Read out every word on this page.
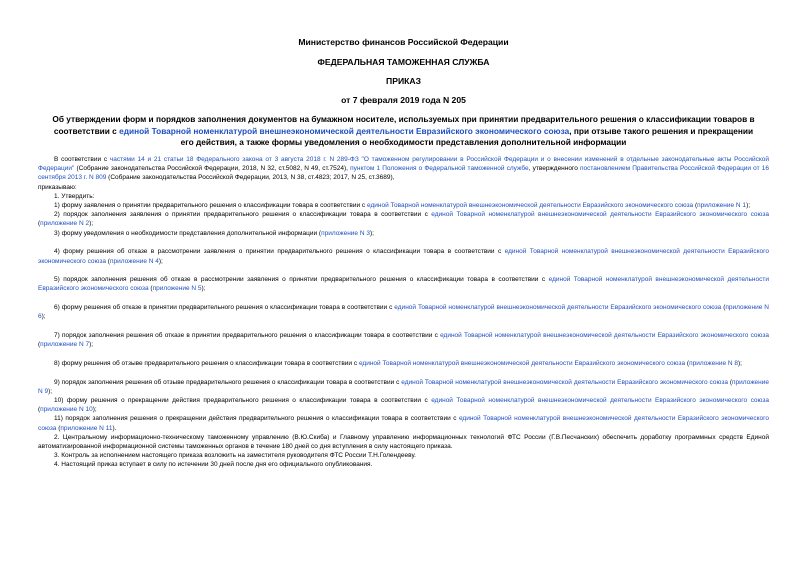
Министерство финансов Российской Федерации
ФЕДЕРАЛЬНАЯ ТАМОЖЕННАЯ СЛУЖБА
ПРИКАЗ
от 7 февраля 2019 года N 205
Об утверждении форм и порядков заполнения документов на бумажном носителе, используемых при принятии предварительного решения о классификации товаров в соответствии с единой Товарной номенклатурой внешнеэкономической деятельности Евразийского экономического союза, при отзыве такого решения и прекращении его действия, а также формы уведомления о необходимости представления дополнительной информации

В соответствии с частями 14 и 21 статьи 18 Федерального закона от 3 августа 2018 г. N 289-ФЗ "О таможенном регулировании в Российской Федерации и о внесении изменений в отдельные законодательные акты Российской Федерации" (Собрание законодательства Российской Федерации, 2018, N 32, ст.5082, N 49, ст.7524), пунктом 1 Положения о Федеральной таможенной службе, утвержденного постановлением Правительства Российской Федерации от 16 сентября 2013 г. N 809 (Собрание законодательства Российской Федерации, 2013, N 38, ст.4823; 2017, N 25, ст.3689),

приказываю:

1. Утвердить:

1) форму заявления о принятии предварительного решения о классификации товара в соответствии с единой Товарной номенклатурой внешнеэкономической деятельности Евразийского экономического союза (приложение N 1);

2) порядок заполнения заявления о принятии предварительного решения о классификации товара в соответствии с единой Товарной номенклатурой внешнеэкономической деятельности Евразийского экономического союза (приложение N 2);

3) форму уведомления о необходимости представления дополнительной информации (приложение N 3);

4) форму решения об отказе в рассмотрении заявления о принятии предварительного решения о классификации товара в соответствии с единой Товарной номенклатурой внешнеэкономической деятельности Евразийского экономического союза (приложение N 4);

5) порядок заполнения решения об отказе в рассмотрении заявления о принятии предварительного решения о классификации товара в соответствии с единой Товарной номенклатурой внешнеэкономической деятельности Евразийского экономического союза (приложение N 5);

6) форму решения об отказе в принятии предварительного решения о классификации товара в соответствии с единой Товарной номенклатурой внешнеэкономической деятельности Евразийского экономического союза (приложение N 6);

7) порядок заполнения решения об отказе в принятии предварительного решения о классификации товара в соответствии с единой Товарной номенклатурой внешнеэкономической деятельности Евразийского экономического союза (приложение N 7);

8) форму решения об отзыве предварительного решения о классификации товара в соответствии с единой Товарной номенклатурой внешнеэкономической деятельности Евразийского экономического союза (приложение N 8);

9) порядок заполнения решения об отзыве предварительного решения о классификации товара в соответствии с единой Товарной номенклатурой внешнеэкономической деятельности Евразийского экономического союза (приложение N 9);

10) форму решения о прекращении действия предварительного решения о классификации товара в соответствии с единой Товарной номенклатурой внешнеэкономической деятельности Евразийского экономического союза (приложение N 10);

11) порядок заполнения решения о прекращении действия предварительного решения о классификации товара в соответствии с единой Товарной номенклатурой внешнеэкономической деятельности Евразийского экономического союза (приложение N 11).

2. Центральному информационно-техническому таможенному управлению (В.Ю.Скиба) и Главному управлению информационных технологий ФТС России (Г.В.Песчанских) обеспечить доработку программных средств Единой автоматизированной информационной системы таможенных органов в течение 180 дней со дня вступления в силу настоящего приказа.

3. Контроль за исполнением настоящего приказа возложить на заместителя руководителя ФТС России Т.Н.Голендееву.

4. Настоящий приказ вступает в силу по истечении 30 дней после дня его официального опубликования.
